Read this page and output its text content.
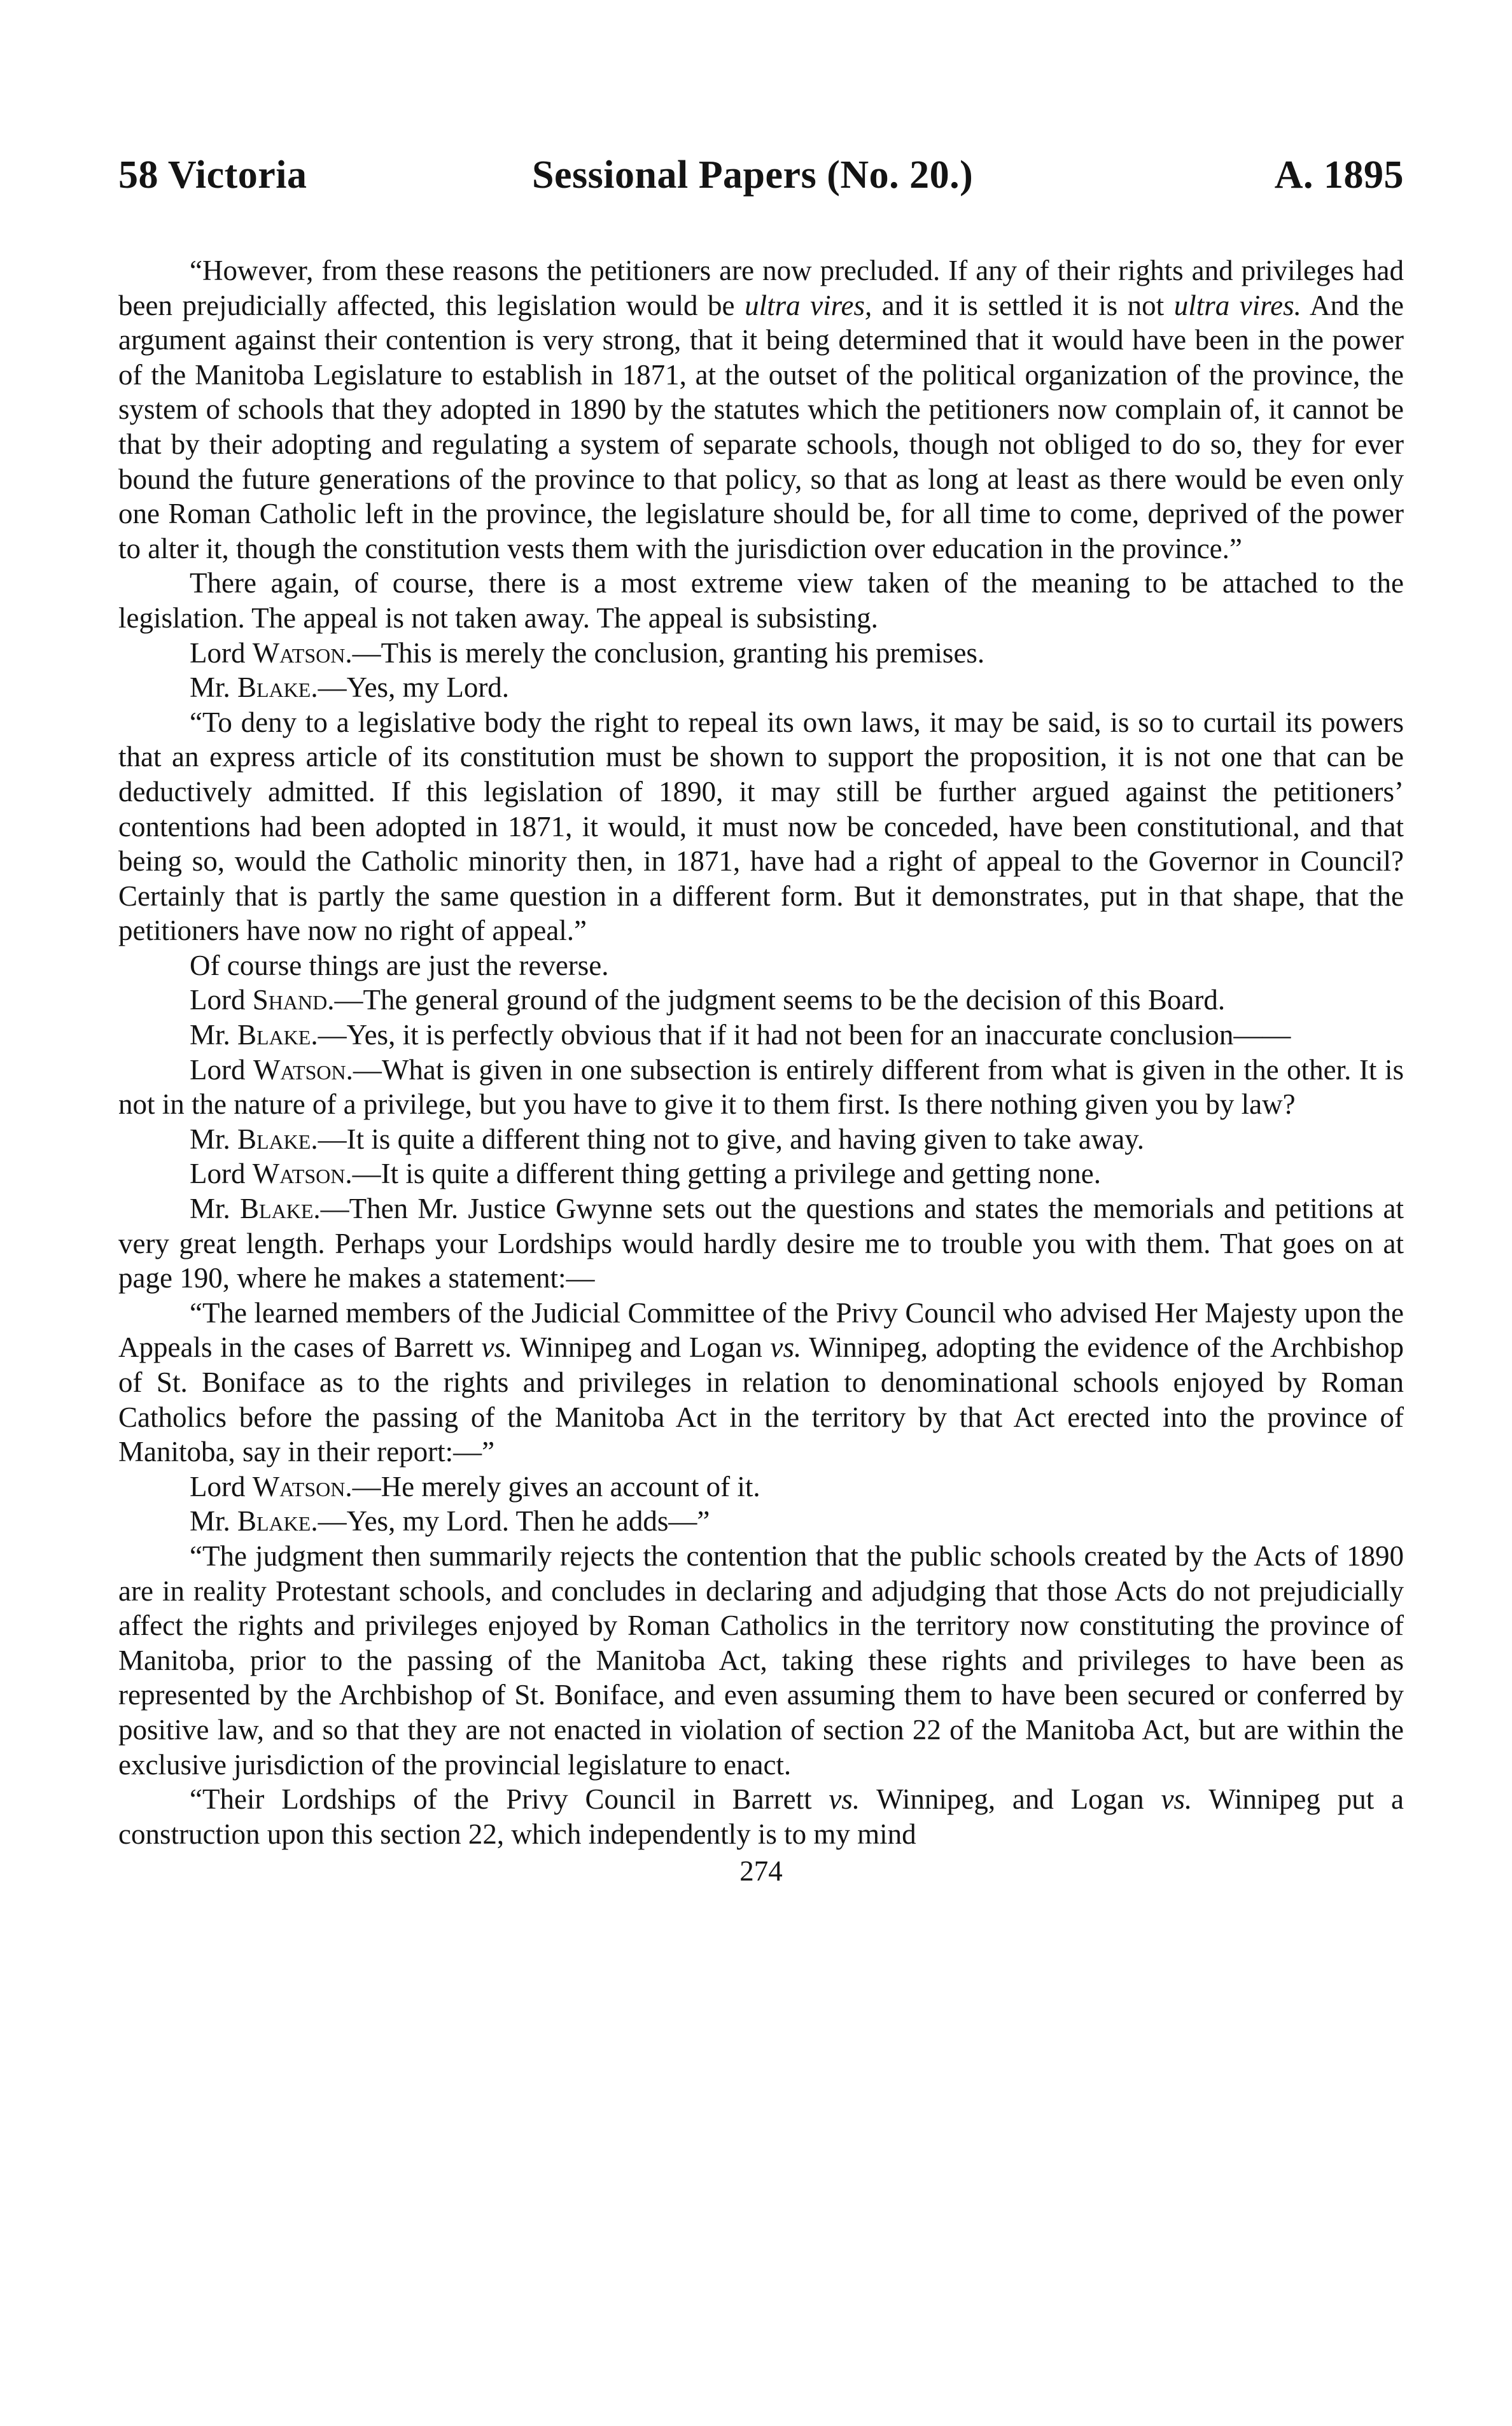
58 Victoria	Sessional Papers (No. 20.)	A. 1895

“However, from these reasons the petitioners are now precluded. If any of their rights and privileges had been prejudicially affected, this legislation would be ultra vires, and it is settled it is not ultra vires. And the argument against their contention is very strong, that it being determined that it would have been in the power of the Manitoba Legislature to establish in 1871, at the outset of the political organization of the province, the system of schools that they adopted in 1890 by the statutes which the petitioners now complain of, it cannot be that by their adopting and regulating a system of separate schools, though not obliged to do so, they for ever bound the future generations of the province to that policy, so that as long at least as there would be even only one Roman Catholic left in the province, the legislature should be, for all time to come, deprived of the power to alter it, though the constitution vests them with the jurisdiction over education in the province.”

There again, of course, there is a most extreme view taken of the meaning to be attached to the legislation. The appeal is not taken away. The appeal is subsisting.

Lord Watson.—This is merely the conclusion, granting his premises.

Mr. Blake.—Yes, my Lord.

“To deny to a legislative body the right to repeal its own laws, it may be said, is so to curtail its powers that an express article of its constitution must be shown to support the proposition, it is not one that can be deductively admitted. If this legislation of 1890, it may still be further argued against the petitioners’ contentions had been adopted in 1871, it would, it must now be conceded, have been constitutional, and that being so, would the Catholic minority then, in 1871, have had a right of appeal to the Governor in Council? Certainly that is partly the same question in a different form. But it demonstrates, put in that shape, that the petitioners have now no right of appeal.”

Of course things are just the reverse.

Lord Shand.—The general ground of the judgment seems to be the decision of this Board.

Mr. Blake.—Yes, it is perfectly obvious that if it had not been for an inaccurate conclusion——

Lord Watson.—What is given in one subsection is entirely different from what is given in the other. It is not in the nature of a privilege, but you have to give it to them first. Is there nothing given you by law?

Mr. Blake.—It is quite a different thing not to give, and having given to take away.

Lord Watson.—It is quite a different thing getting a privilege and getting none.

Mr. Blake.—Then Mr. Justice Gwynne sets out the questions and states the memorials and petitions at very great length. Perhaps your Lordships would hardly desire me to trouble you with them. That goes on at page 190, where he makes a statement:—

“The learned members of the Judicial Committee of the Privy Council who advised Her Majesty upon the Appeals in the cases of Barrett vs. Winnipeg and Logan vs. Winnipeg, adopting the evidence of the Archbishop of St. Boniface as to the rights and privileges in relation to denominational schools enjoyed by Roman Catholics before the passing of the Manitoba Act in the territory by that Act erected into the province of Manitoba, say in their report:—”

Lord Watson.—He merely gives an account of it.

Mr. Blake.—Yes, my Lord. Then he adds—”

“The judgment then summarily rejects the contention that the public schools created by the Acts of 1890 are in reality Protestant schools, and concludes in declaring and adjudging that those Acts do not prejudicially affect the rights and privileges enjoyed by Roman Catholics in the territory now constituting the province of Manitoba, prior to the passing of the Manitoba Act, taking these rights and privileges to have been as represented by the Archbishop of St. Boniface, and even assuming them to have been secured or conferred by positive law, and so that they are not enacted in violation of section 22 of the Manitoba Act, but are within the exclusive jurisdiction of the provincial legislature to enact.

“Their Lordships of the Privy Council in Barrett vs. Winnipeg, and Logan vs. Winnipeg put a construction upon this section 22, which independently is to my mind

274
